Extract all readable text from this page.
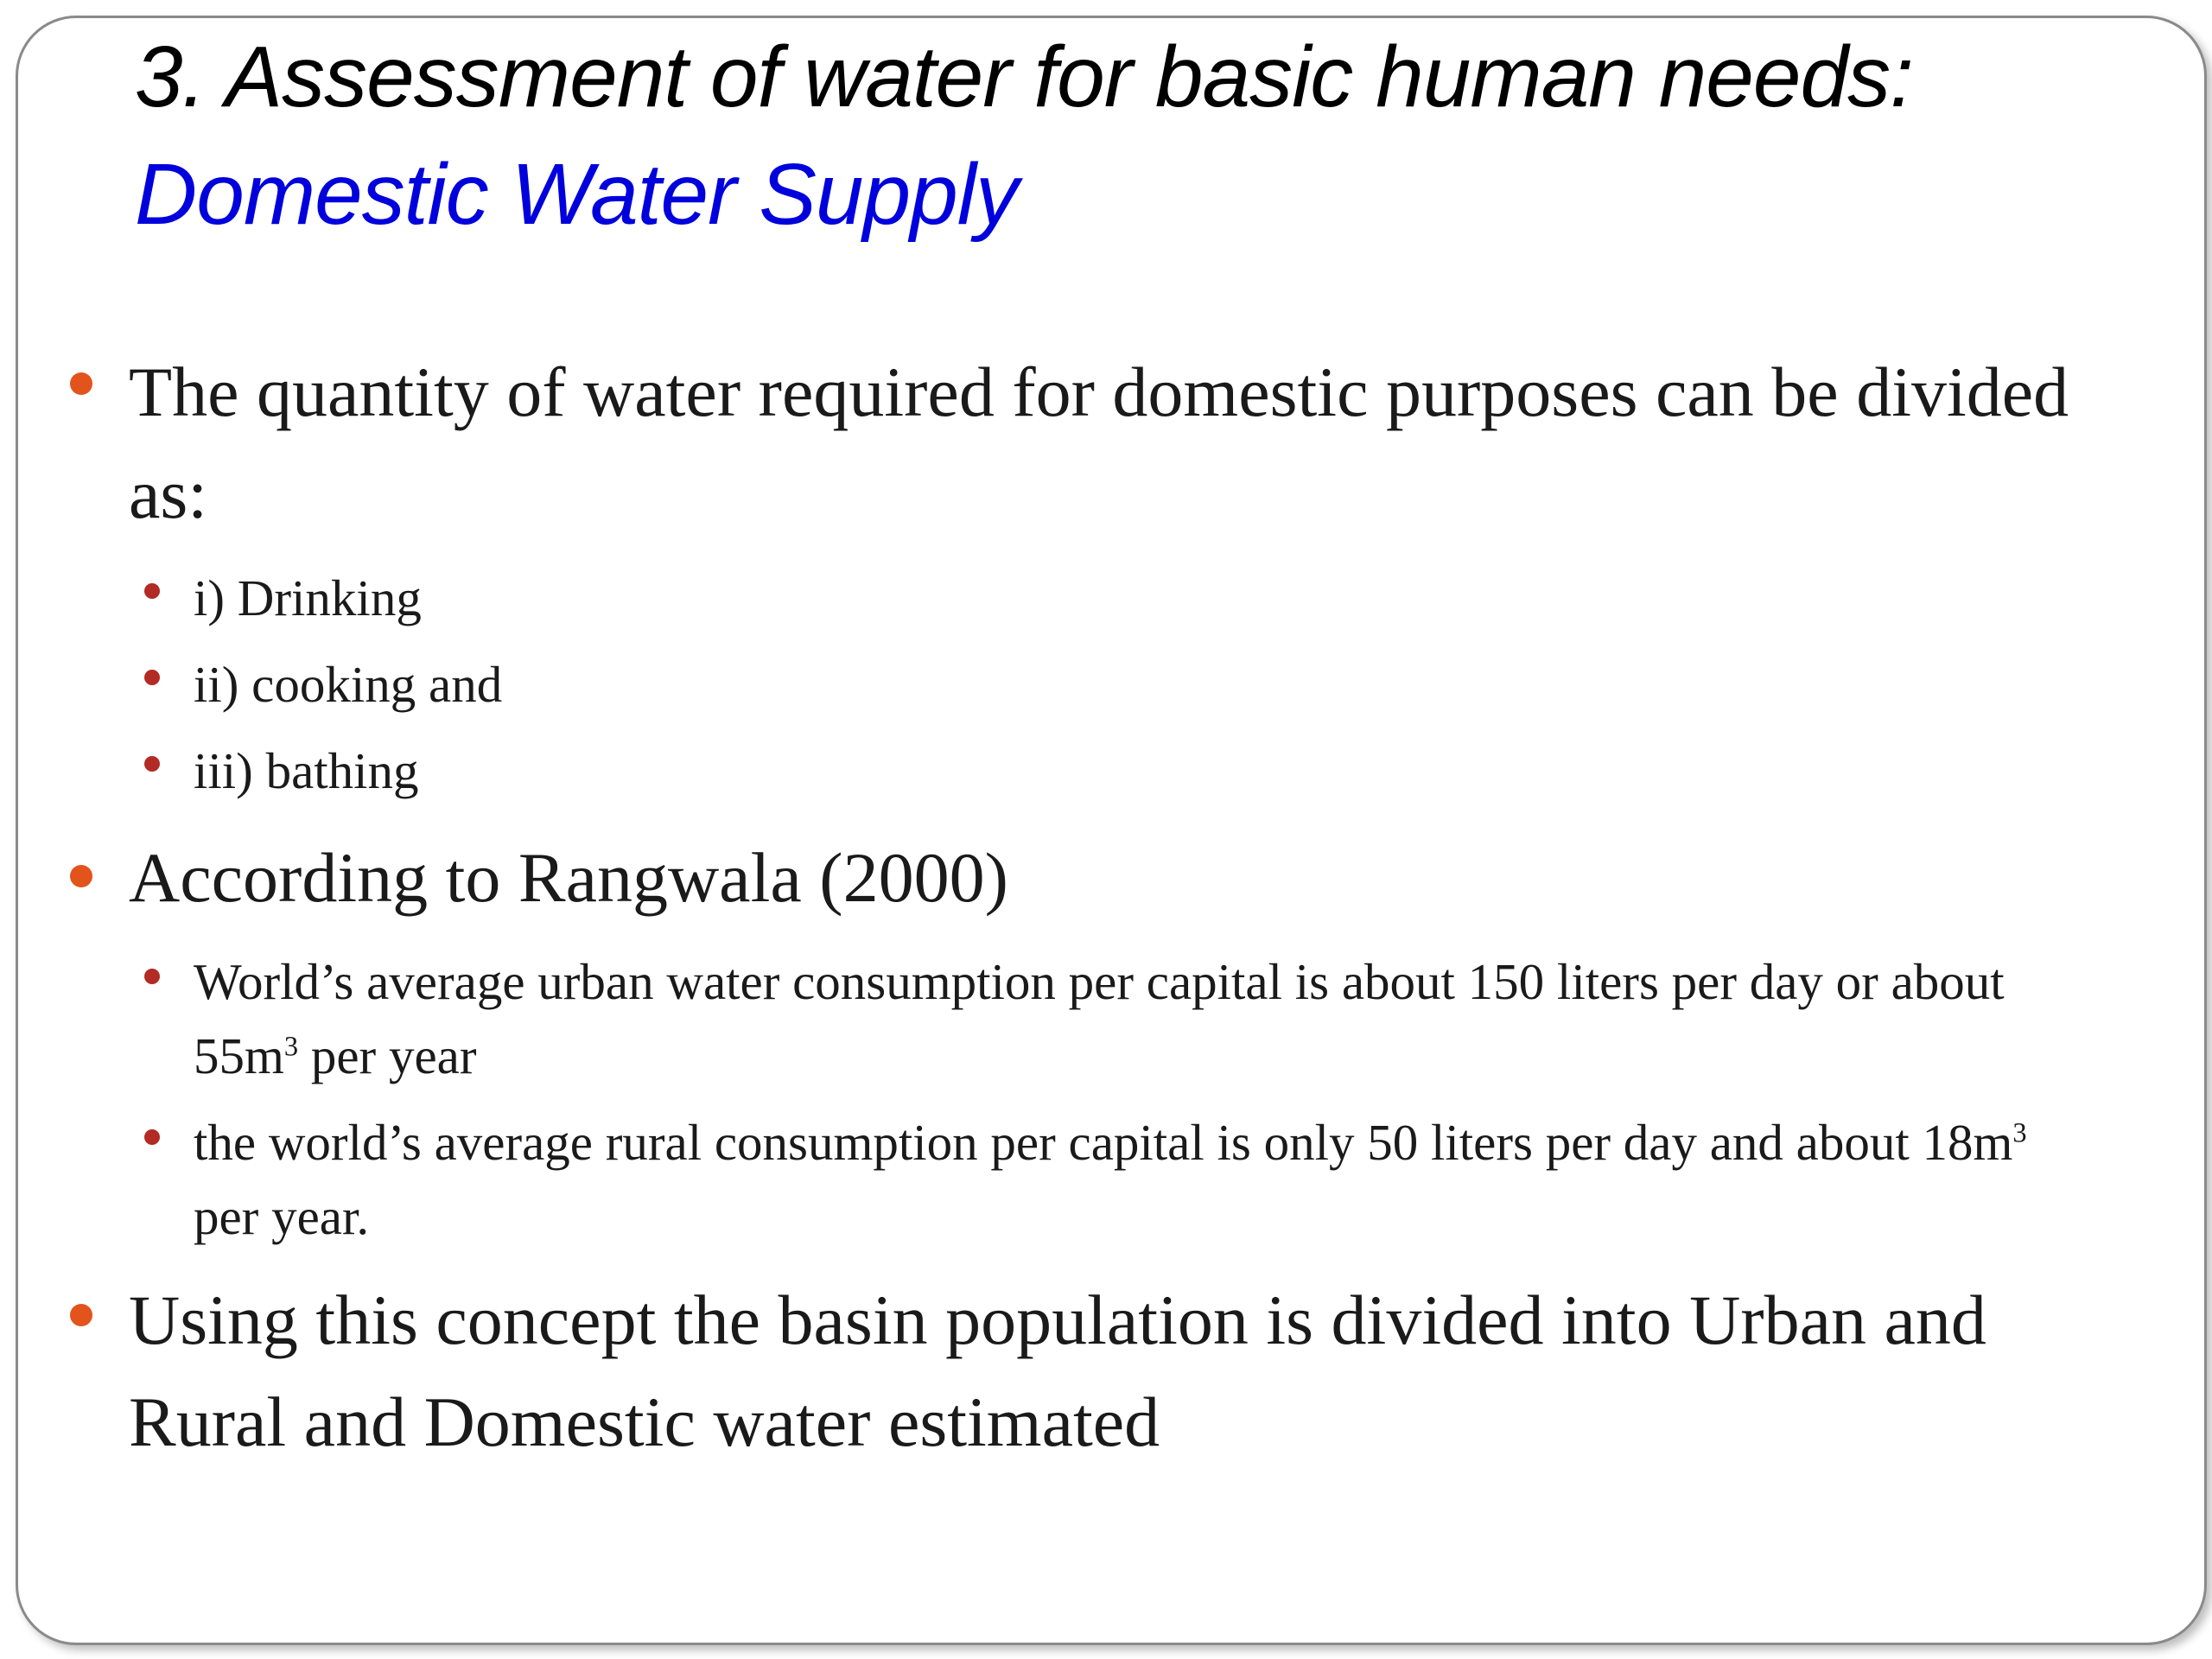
3. Assessment of water for basic human needs: Domestic Water Supply
The quantity of water required for domestic purposes can be divided as:
i) Drinking
ii) cooking and
iii) bathing
According to Rangwala (2000)
World’s average urban water consumption per capital is about 150 liters per day or about $55m^3$ per year
the world’s average rural consumption per capital is only 50 liters per day and about $18m^3$ per year.
Using this concept the basin population is divided into Urban and Rural and Domestic water estimated
